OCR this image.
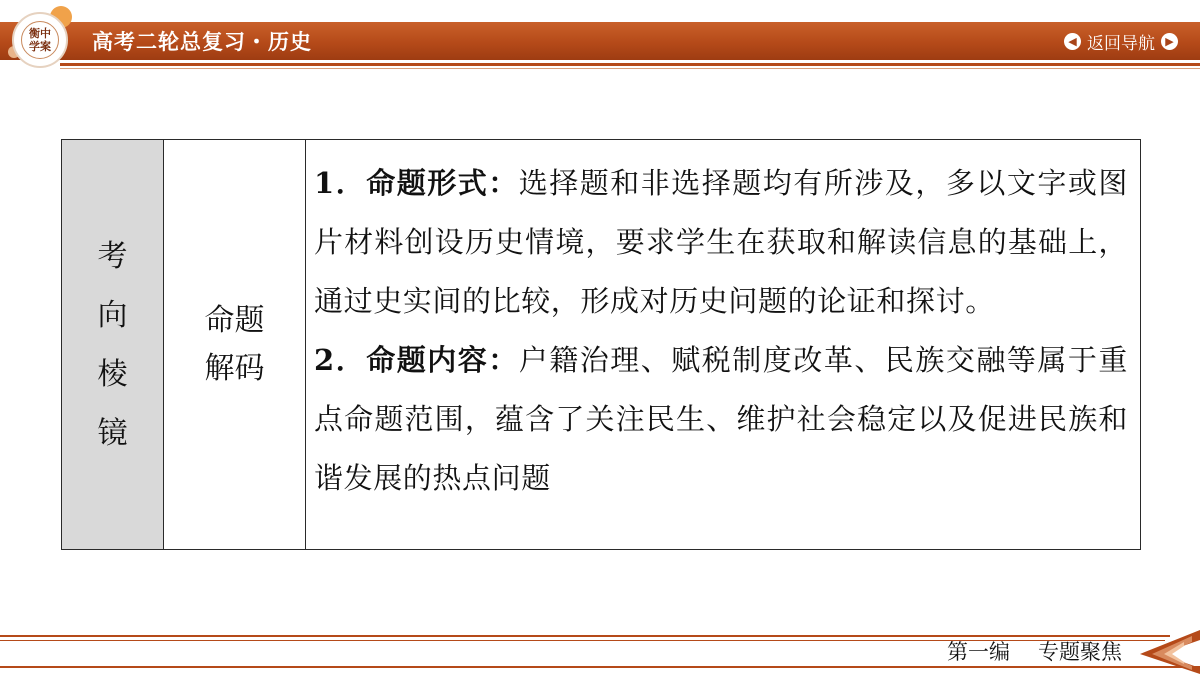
衡中
学案 高考二轮总复习・历史	◀ 返回导航 ▶
考
向
棱
镜
命题
解码

1．命题形式：选择题和非选择题均有所涉及，多以文字或图片材料创设历史情境，要求学生在获取和解读信息的基础上，通过史实间的比较，形成对历史问题的论证和探讨。

2．命题内容：户籍治理、赋税制度改革、民族交融等属于重点命题范围，蕴含了关注民生、维护社会稳定以及促进民族和谐发展的热点问题

第一编 专题聚焦
